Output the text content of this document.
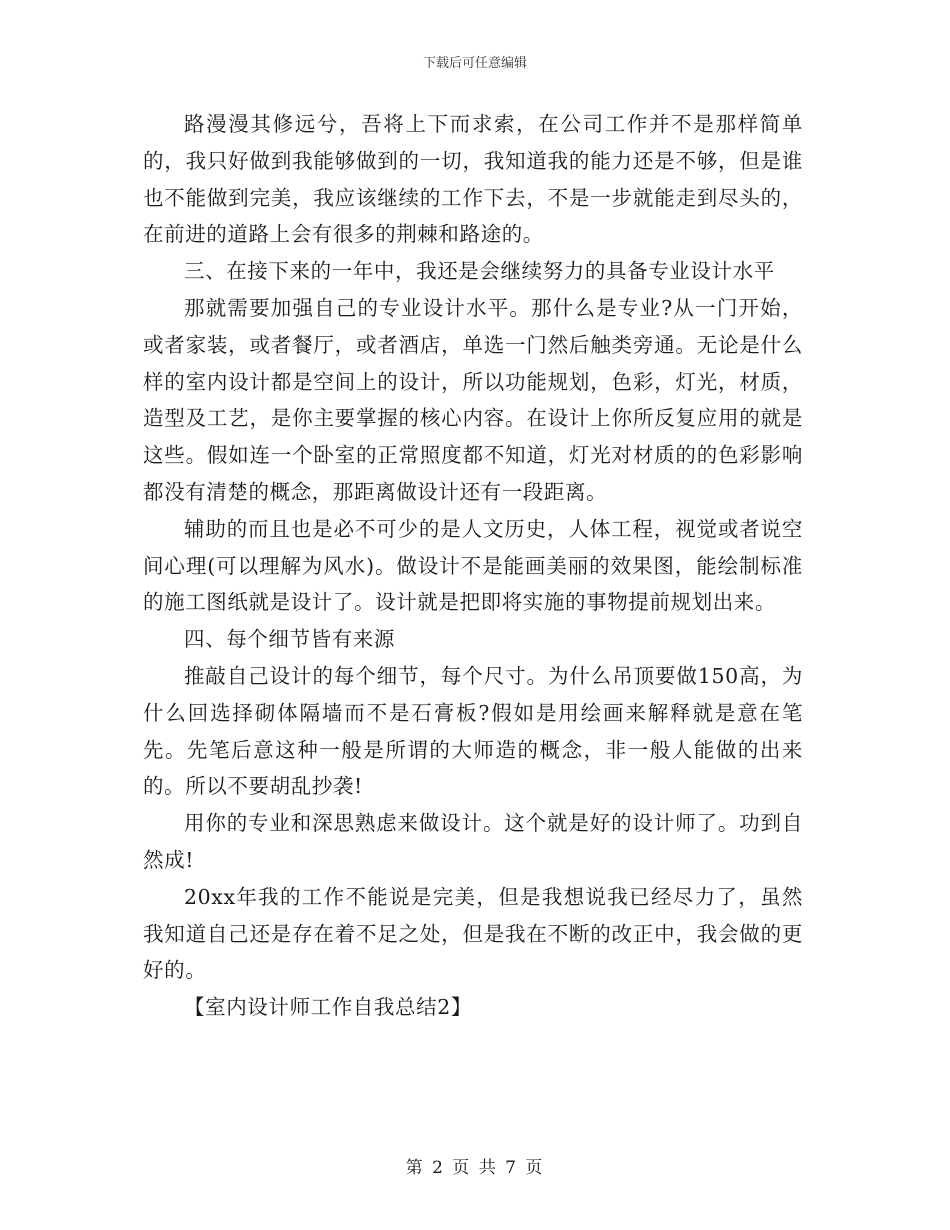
下载后可任意编辑

路漫漫其修远兮，吾将上下而求索，在公司工作并不是那样简单的，我只好做到我能够做到的一切，我知道我的能力还是不够，但是谁也不能做到完美，我应该继续的工作下去，不是一步就能走到尽头的，在前进的道路上会有很多的荆棘和路途的。

三、在接下来的一年中，我还是会继续努力的具备专业设计水平

那就需要加强自己的专业设计水平。那什么是专业?从一门开始，或者家装，或者餐厅，或者酒店，单选一门然后触类旁通。无论是什么样的室内设计都是空间上的设计，所以功能规划，色彩，灯光，材质，造型及工艺，是你主要掌握的核心内容。在设计上你所反复应用的就是这些。假如连一个卧室的正常照度都不知道，灯光对材质的的色彩影响都没有清楚的概念，那距离做设计还有一段距离。

辅助的而且也是必不可少的是人文历史，人体工程，视觉或者说空间心理(可以理解为风水)。做设计不是能画美丽的效果图，能绘制标准的施工图纸就是设计了。设计就是把即将实施的事物提前规划出来。

四、每个细节皆有来源

推敲自己设计的每个细节，每个尺寸。为什么吊顶要做150高，为什么回选择砌体隔墙而不是石膏板?假如是用绘画来解释就是意在笔先。先笔后意这种一般是所谓的大师造的概念，非一般人能做的出来的。所以不要胡乱抄袭!

用你的专业和深思熟虑来做设计。这个就是好的设计师了。功到自然成!

20xx年我的工作不能说是完美，但是我想说我已经尽力了，虽然我知道自己还是存在着不足之处，但是我在不断的改正中，我会做的更好的。

【室内设计师工作自我总结2】

第 2 页 共 7 页
